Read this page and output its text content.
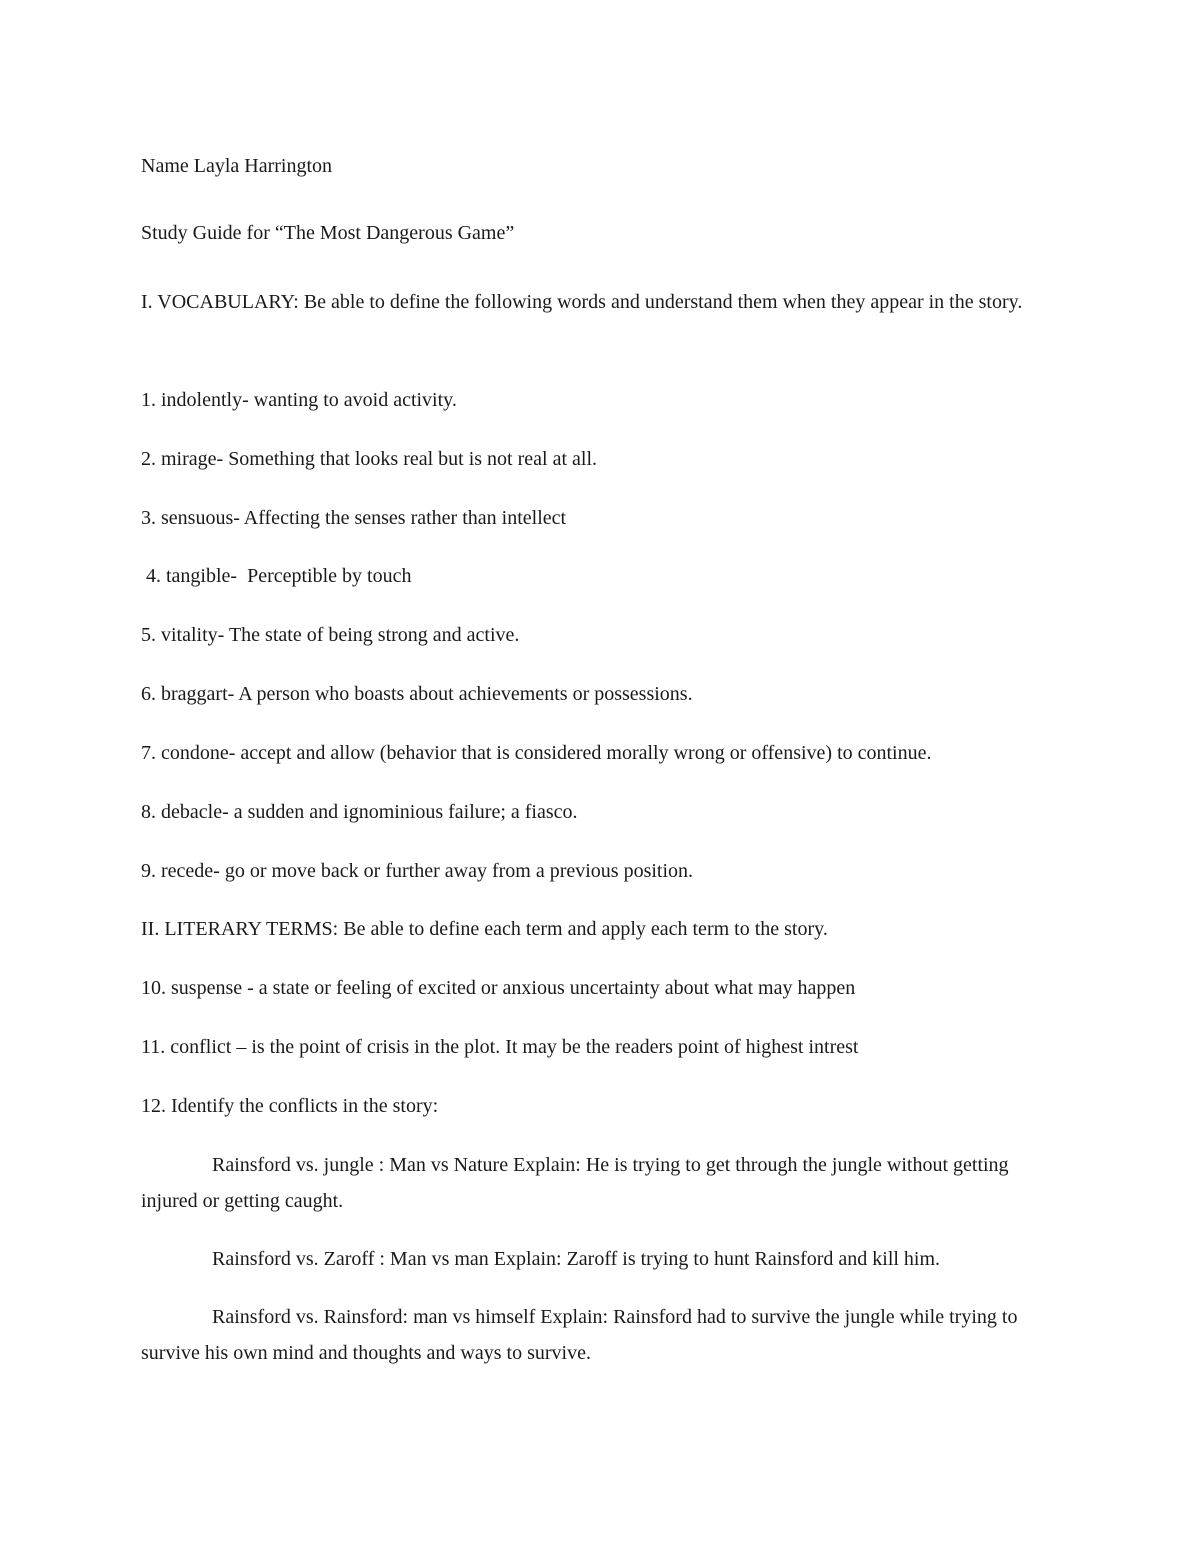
Name Layla Harrington

Study Guide for “The Most Dangerous Game”

I. VOCABULARY: Be able to define the following words and understand them when they appear in the story.

1. indolently- wanting to avoid activity.

2. mirage- Something that looks real but is not real at all.

3. sensuous- Affecting the senses rather than intellect

4. tangible-  Perceptible by touch

5. vitality- The state of being strong and active.

6. braggart- A person who boasts about achievements or possessions.

7. condone- accept and allow (behavior that is considered morally wrong or offensive) to continue.

8. debacle- a sudden and ignominious failure; a fiasco.

9. recede- go or move back or further away from a previous position.

II. LITERARY TERMS: Be able to define each term and apply each term to the story.

10. suspense - a state or feeling of excited or anxious uncertainty about what may happen

11. conflict – is the point of crisis in the plot. It may be the readers point of highest intrest

12. Identify the conflicts in the story:

Rainsford vs. jungle : Man vs Nature Explain: He is trying to get through the jungle without getting injured or getting caught.

Rainsford vs. Zaroff : Man vs man Explain: Zaroff is trying to hunt Rainsford and kill him.

Rainsford vs. Rainsford: man vs himself Explain: Rainsford had to survive the jungle while trying to survive his own mind and thoughts and ways to survive.
